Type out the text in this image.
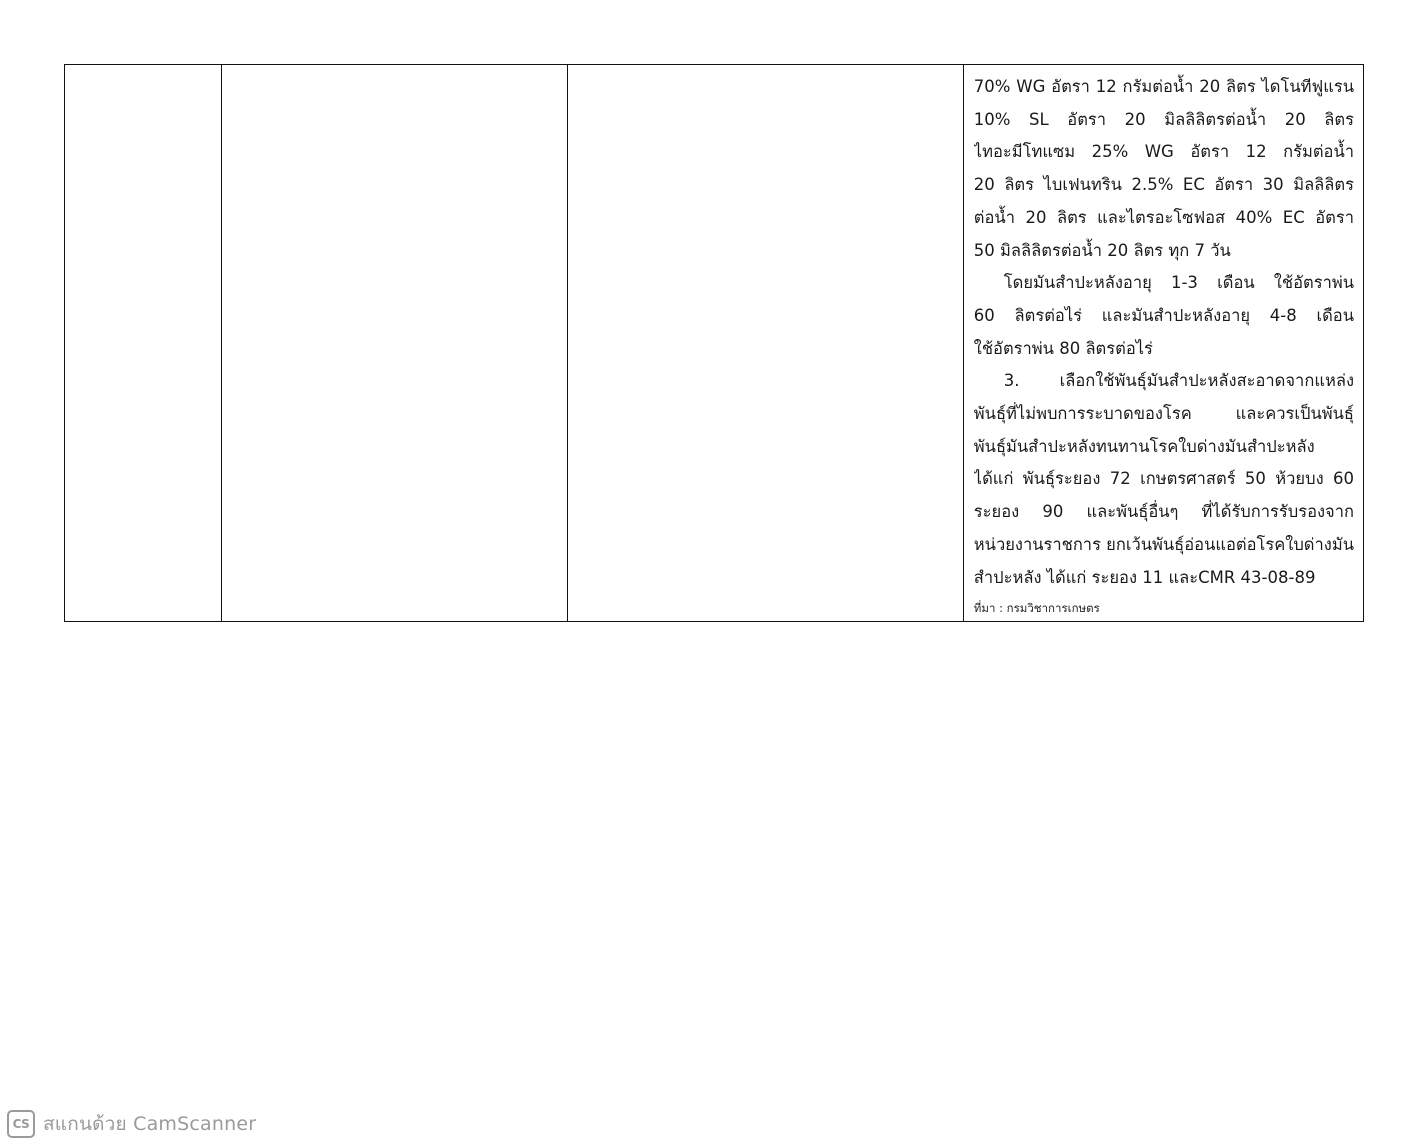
70% WG อัตรา 12 กรัมต่อน้ำ 20 ลิตร ไดโนทีฟูแรน
10% SL อัตรา 20 มิลลิลิตรต่อน้ำ 20 ลิตร
ไทอะมีโทแซม 25% WG อัตรา 12 กรัมต่อน้ำ
20 ลิตร ไบเฟนทริน 2.5% EC อัตรา 30 มิลลิลิตร
ต่อน้ำ 20 ลิตร และไตรอะโซฟอส 40% EC อัตรา
50 มิลลิลิตรต่อน้ำ 20 ลิตร ทุก 7 วัน
โดยมันสำปะหลังอายุ 1-3 เดือน ใช้อัตราพ่น
60 ลิตรต่อไร่ และมันสำปะหลังอายุ 4-8 เดือน
ใช้อัตราพ่น 80 ลิตรต่อไร่
3. เลือกใช้พันธุ์มันสำปะหลังสะอาดจากแหล่ง
พันธุ์ที่ไม่พบการระบาดของโรค และควรเป็นพันธุ์
พันธุ์มันสำปะหลังทนทานโรคใบด่างมันสำปะหลัง
ได้แก่ พันธุ์ระยอง 72 เกษตรศาสตร์ 50 ห้วยบง 60
ระยอง 90 และพันธุ์อื่นๆ ที่ได้รับการรับรองจาก
หน่วยงานราชการ ยกเว้นพันธุ์อ่อนแอต่อโรคใบด่างมัน
สำปะหลัง ได้แก่ ระยอง 11 และCMR 43-08-89
ที่มา : กรมวิชาการเกษตร
CS สแกนด้วย CamScanner
